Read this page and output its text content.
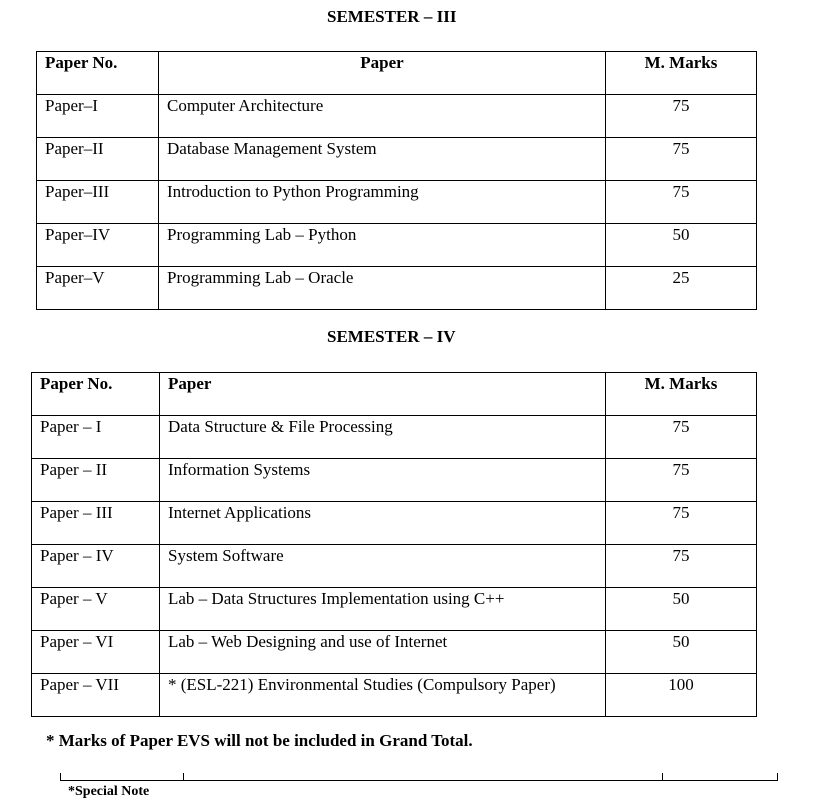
SEMESTER – III
Paper No.	Paper	M. Marks
Paper–I	Computer Architecture	75
Paper–II	Database Management System	75
Paper–III	Introduction to Python Programming	75
Paper–IV	Programming Lab – Python	50
Paper–V	Programming Lab – Oracle	25
SEMESTER – IV
Paper No.	Paper	M. Marks
Paper – I	Data Structure & File Processing	75
Paper – II	Information Systems	75
Paper – III	Internet Applications	75
Paper – IV	System Software	75
Paper – V	Lab – Data Structures Implementation using C++	50
Paper – VI	Lab – Web Designing and use of Internet	50
Paper – VII	* (ESL-221) Environmental Studies (Compulsory Paper)	100
* Marks of Paper EVS will not be included in Grand Total.
*Special Note
